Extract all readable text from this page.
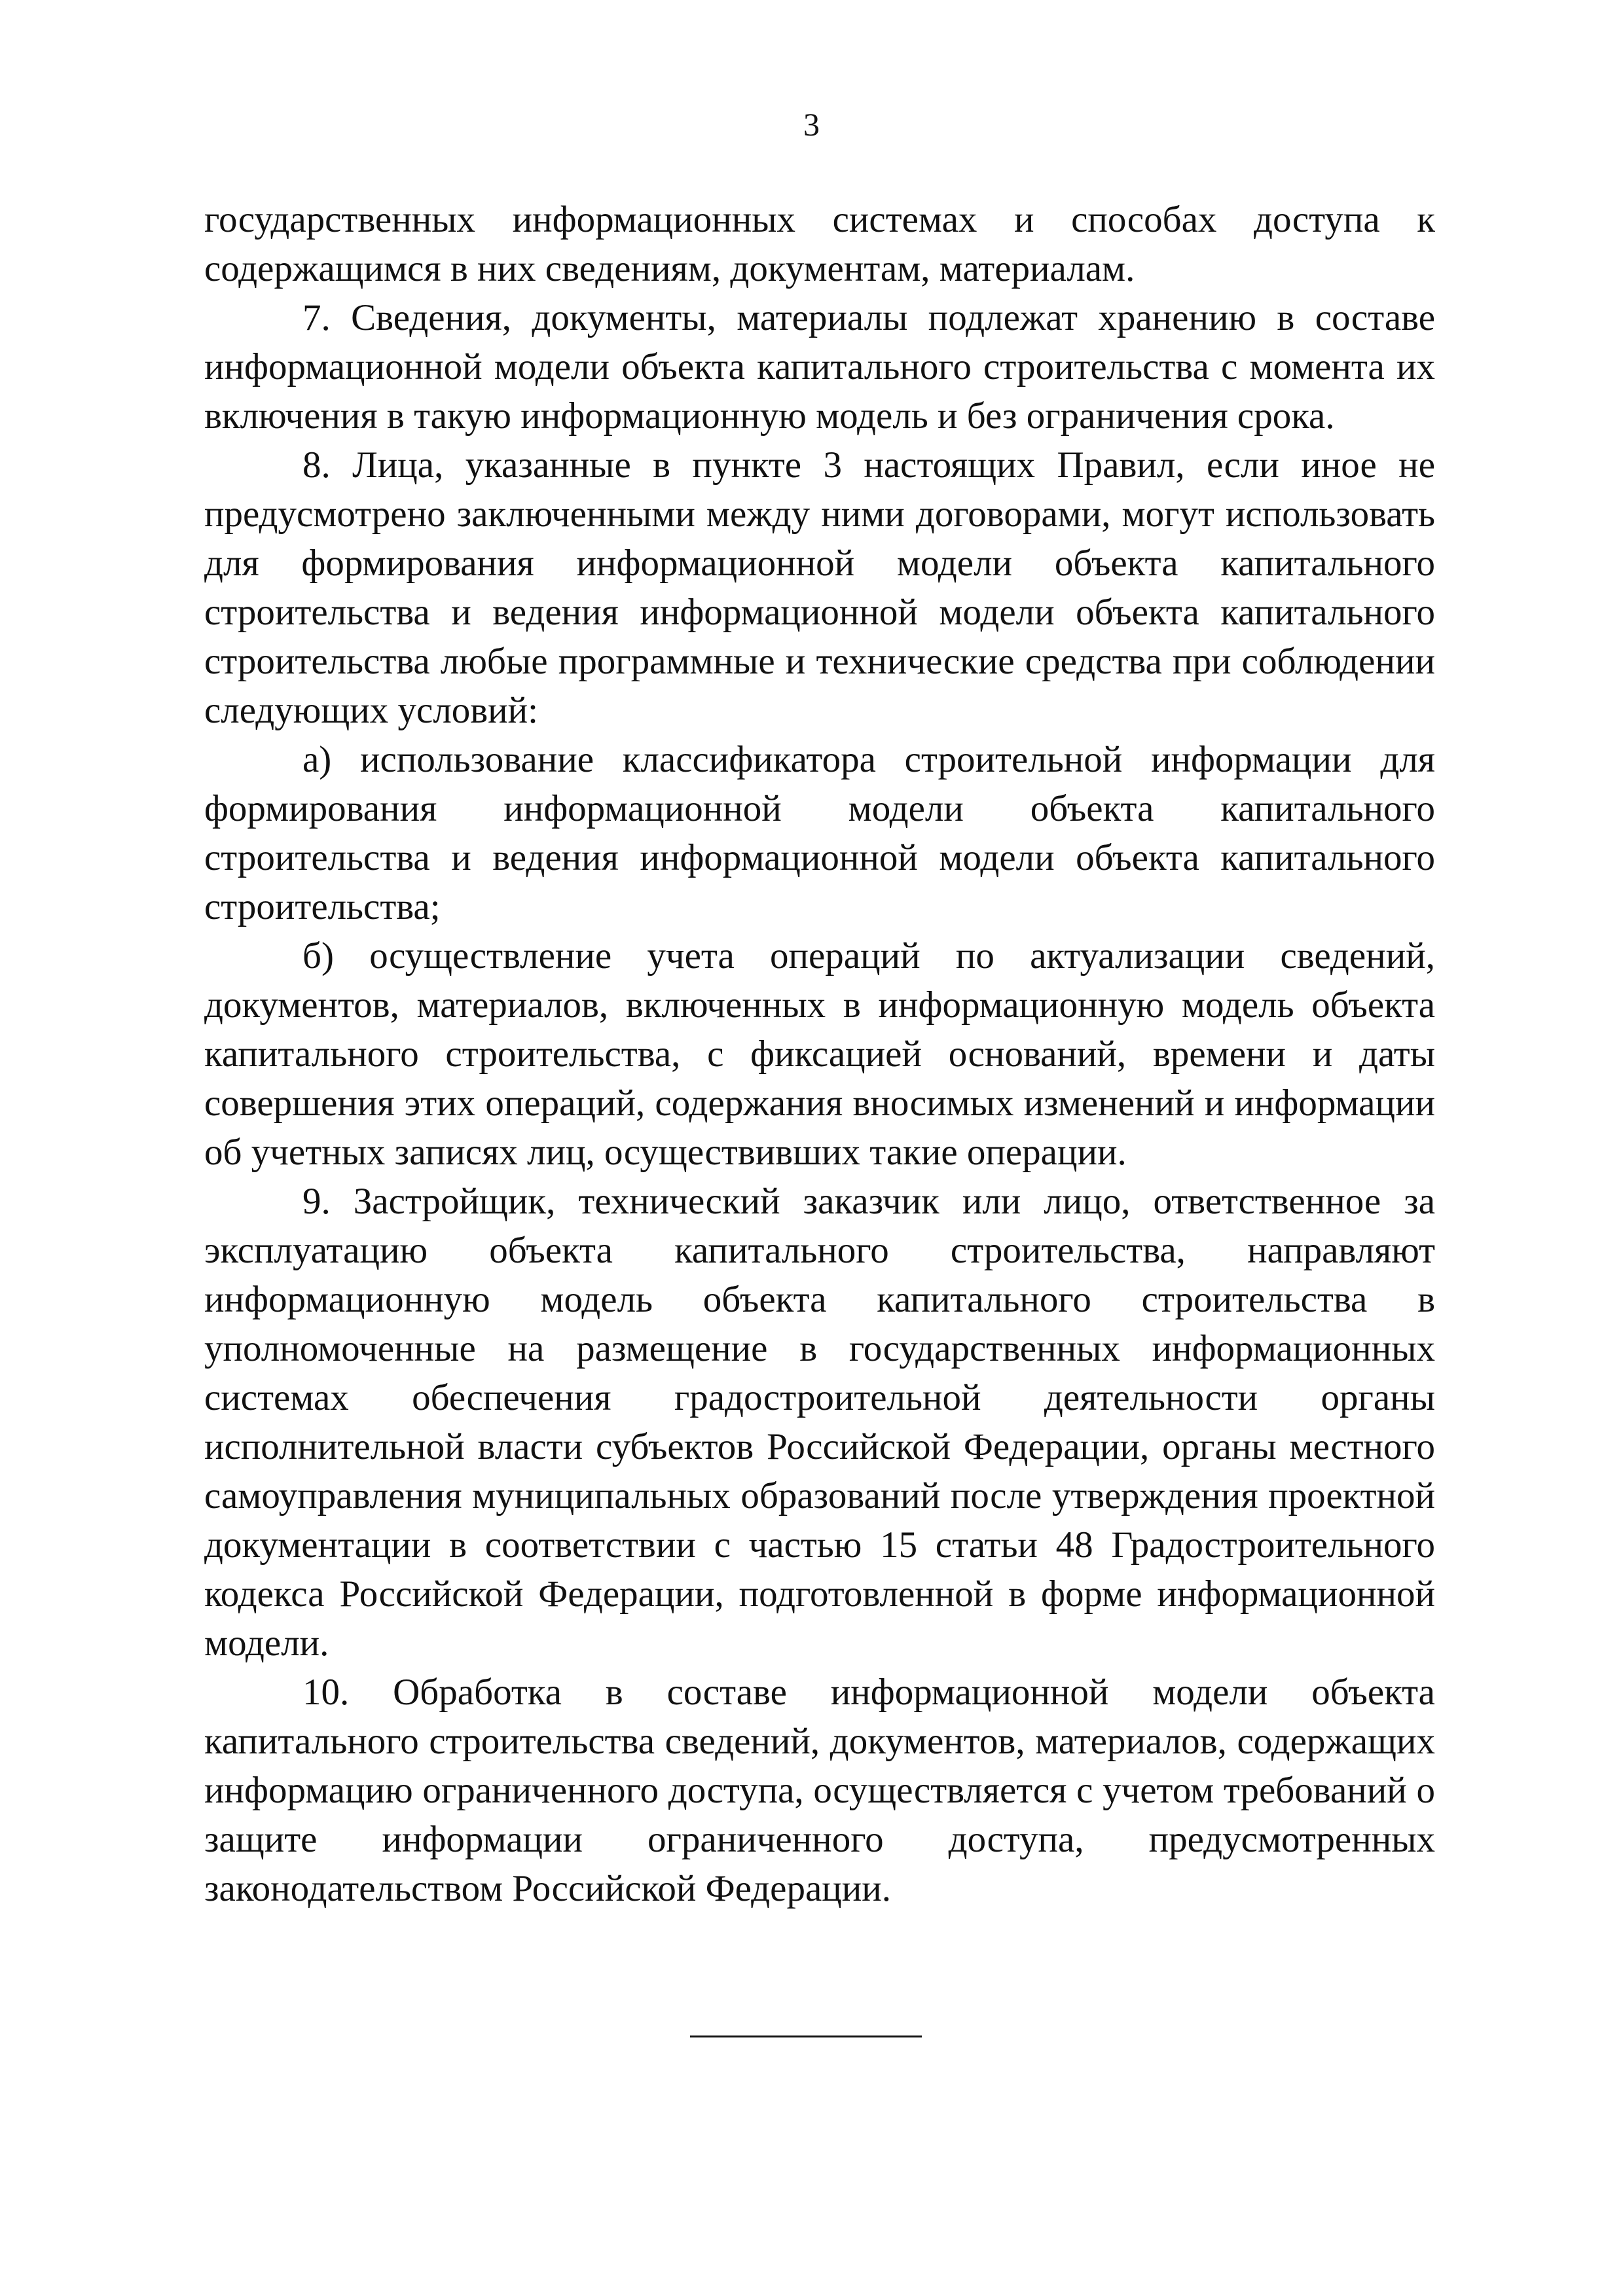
3

государственных информационных системах и способах доступа к содержащимся в них сведениям, документам, материалам.

7. Сведения, документы, материалы подлежат хранению в составе информационной модели объекта капитального строительства с момента их включения в такую информационную модель и без ограничения срока.

8. Лица, указанные в пункте 3 настоящих Правил, если иное не предусмотрено заключенными между ними договорами, могут использовать для формирования информационной модели объекта капитального строительства и ведения информационной модели объекта капитального строительства любые программные и технические средства при соблюдении следующих условий:

а) использование классификатора строительной информации для формирования информационной модели объекта капитального строительства и ведения информационной модели объекта капитального строительства;

б) осуществление учета операций по актуализации сведений, документов, материалов, включенных в информационную модель объекта капитального строительства, с фиксацией оснований, времени и даты совершения этих операций, содержания вносимых изменений и информации об учетных записях лиц, осуществивших такие операции.

9. Застройщик, технический заказчик или лицо, ответственное за эксплуатацию объекта капитального строительства, направляют информационную модель объекта капитального строительства в уполномоченные на размещение в государственных информационных системах обеспечения градостроительной деятельности органы исполнительной власти субъектов Российской Федерации, органы местного самоуправления муниципальных образований после утверждения проектной документации в соответствии с частью 15 статьи 48 Градостроительного кодекса Российской Федерации, подготовленной в форме информационной модели.

10. Обработка в составе информационной модели объекта капитального строительства сведений, документов, материалов, содержащих информацию ограниченного доступа, осуществляется с учетом требований о защите информации ограниченного доступа, предусмотренных законодательством Российской Федерации.
